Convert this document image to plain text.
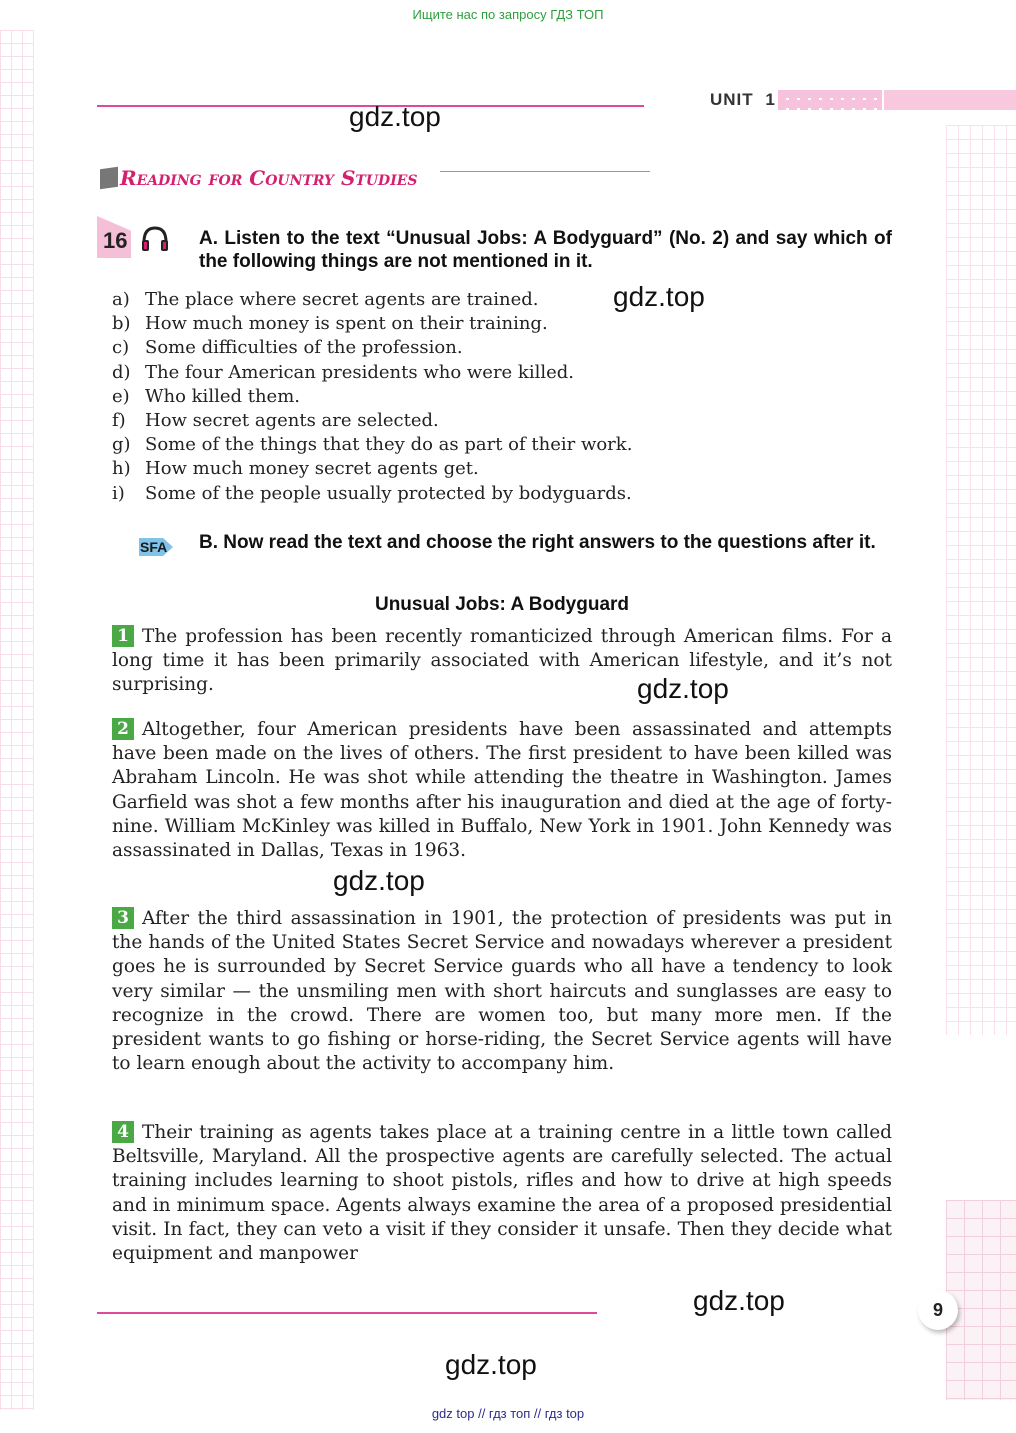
Ищите нас по запросу ГДЗ ТОП
UNIT 1
gdz.top
gdz.top
gdz.top
gdz.top
gdz.top
gdz.top
Reading for Country Studies
16	A. Listen to the text “Unusual Jobs: A Bodyguard” (No. 2) and say which of the following things are not mentioned in it.
a) The place where secret agents are trained.
b) How much money is spent on their training.
c) Some difficulties of the profession.
d) The four American presidents who were killed.
e) Who killed them.
f)	How secret agents are selected.
g) Some of the things that they do as part of their work.
h) How much money secret agents get.
i)	Some of the people usually protected by bodyguards.
SFA B. Now read the text and choose the right answers to the questions after it.
Unusual Jobs: A Bodyguard
1 The profession has been recently romanticized through American films. For a long time it has been primarily associated with American lifestyle, and it’s not surprising.
2 Altogether, four American presidents have been assassinated and attempts have been made on the lives of others. The first president to have been killed was Abraham Lincoln. He was shot while attending the theatre in Washington. James Garfield was shot a few months after his inauguration and died at the age of forty-nine. William McKinley was killed in Buffalo, New York in 1901. John Kennedy was assassinated in Dallas, Texas in 1963.
3 After the third assassination in 1901, the protection of presidents was put in the hands of the United States Secret Service and nowadays wherever a president goes he is surrounded by Secret Service guards who all have a tendency to look very similar — the unsmiling men with short haircuts and sunglasses are easy to recognize in the crowd. There are women too, but many more men. If the president wants to go fishing or horse-riding, the Secret Service agents will have to learn enough about the activity to accompany him.
4 Their training as agents takes place at a training centre in a little town called Beltsville, Maryland. All the prospective agents are carefully selected. The actual training includes learning to shoot pistols, rifles and how to drive at high speeds and in minimum space. Agents always examine the area of a proposed presidential visit. In fact, they can veto a visit if they consider it unsafe. Then they decide what equipment and manpower
9
gdz top // гдз топ // гдз top
